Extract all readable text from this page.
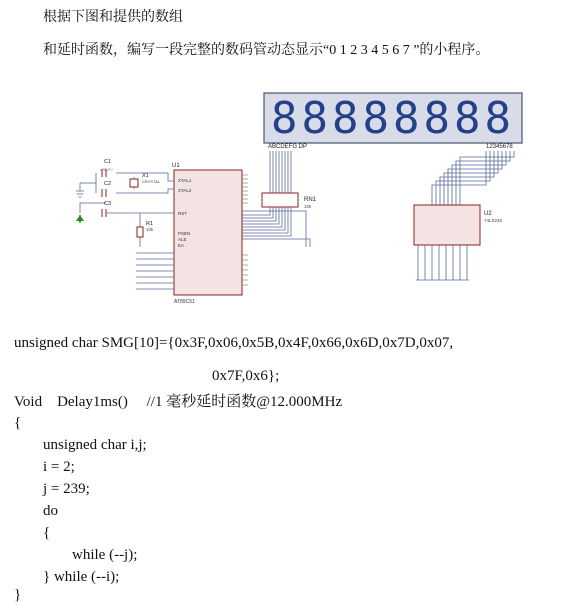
根据下图和提供的数组
和延时函数，编写一段完整的数码管动态显示“0 1 2 3 4 5 6 7 ”的小程序。
88888888
ABCDEFG DP	12345678
RN1
10k
U2
74LS245
U1
XTAL1
XTAL2
RST
PSEN
ALE
EA
AT89C51
C1
C2
C3
X1
CRYSTAL
R1
10k
<TEXT>
unsigned char SMG[10]={0x3F,0x06,0x5B,0x4F,0x66,0x6D,0x7D,0x07,
0x7F,0x6};
Void    Delay1ms() //1 毫秒延时函数@12.000MHz
{
unsigned char i,j;
i = 2;
j = 239;
do
{
while (--j);
} while (--i);
}
